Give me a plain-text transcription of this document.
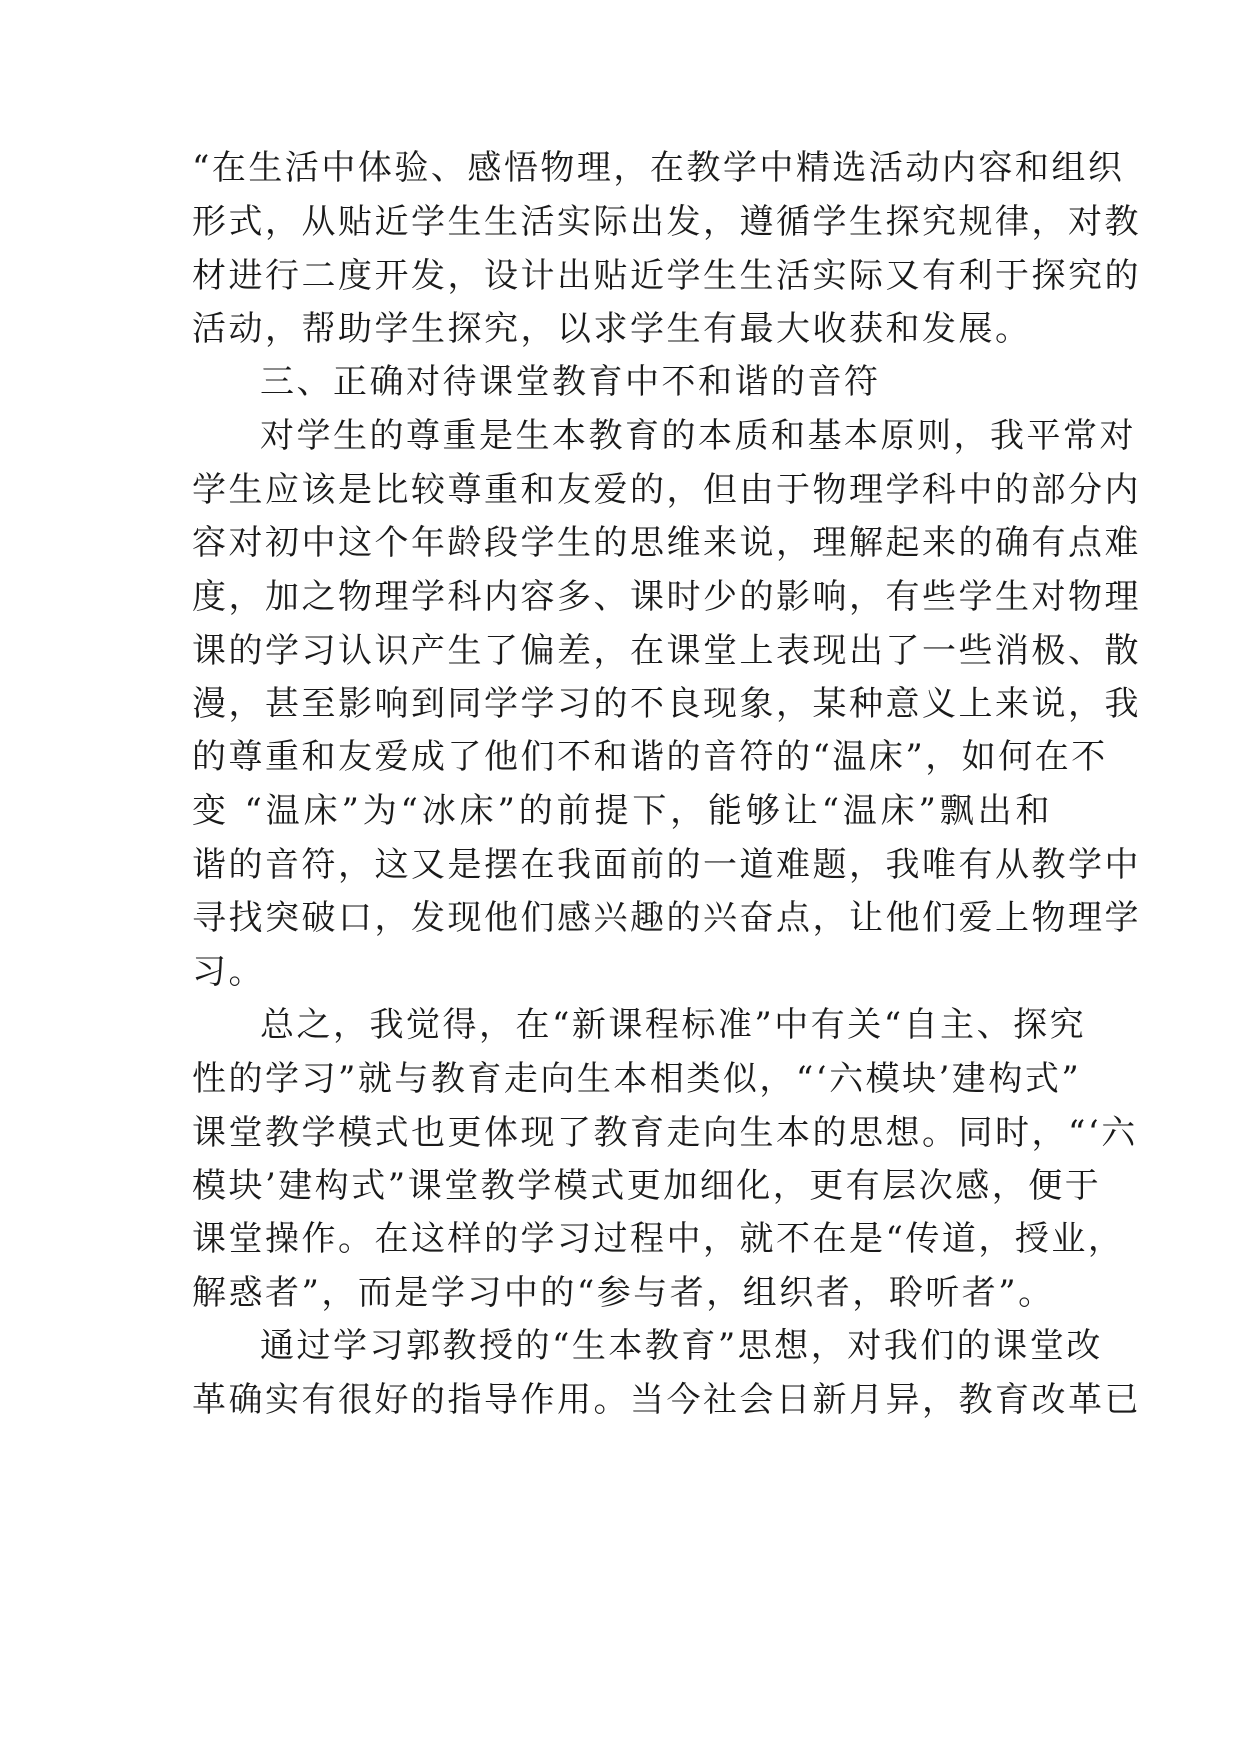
“在生活中体验、感悟物理，在教学中精选活动内容和组织
形式，从贴近学生生活实际出发，遵循学生探究规律，对教
材进行二度开发，设计出贴近学生生活实际又有利于探究的
活动，帮助学生探究，以求学生有最大收获和发展。
三、正确对待课堂教育中不和谐的音符
对学生的尊重是生本教育的本质和基本原则，我平常对
学生应该是比较尊重和友爱的，但由于物理学科中的部分内
容对初中这个年龄段学生的思维来说，理解起来的确有点难
度，加之物理学科内容多、课时少的影响，有些学生对物理
课的学习认识产生了偏差，在课堂上表现出了一些消极、散
漫，甚至影响到同学学习的不良现象，某种意义上来说，我
的尊重和友爱成了他们不和谐的音符的“温床”，如何在不
变 “温床”为“冰床”的前提下，能够让“温床”飘出和
谐的音符，这又是摆在我面前的一道难题，我唯有从教学中
寻找突破口，发现他们感兴趣的兴奋点，让他们爱上物理学
习。
总之，我觉得，在“新课程标准”中有关“自主、探究
性的学习”就与教育走向生本相类似，“‘六模块’建构式”
课堂教学模式也更体现了教育走向生本的思想。同时，“‘六
模块’建构式”课堂教学模式更加细化，更有层次感，便于
课堂操作。在这样的学习过程中，就不在是“传道，授业，
解惑者”，而是学习中的“参与者，组织者，聆听者”。
通过学习郭教授的“生本教育”思想，对我们的课堂改
革确实有很好的指导作用。当今社会日新月异，教育改革已
